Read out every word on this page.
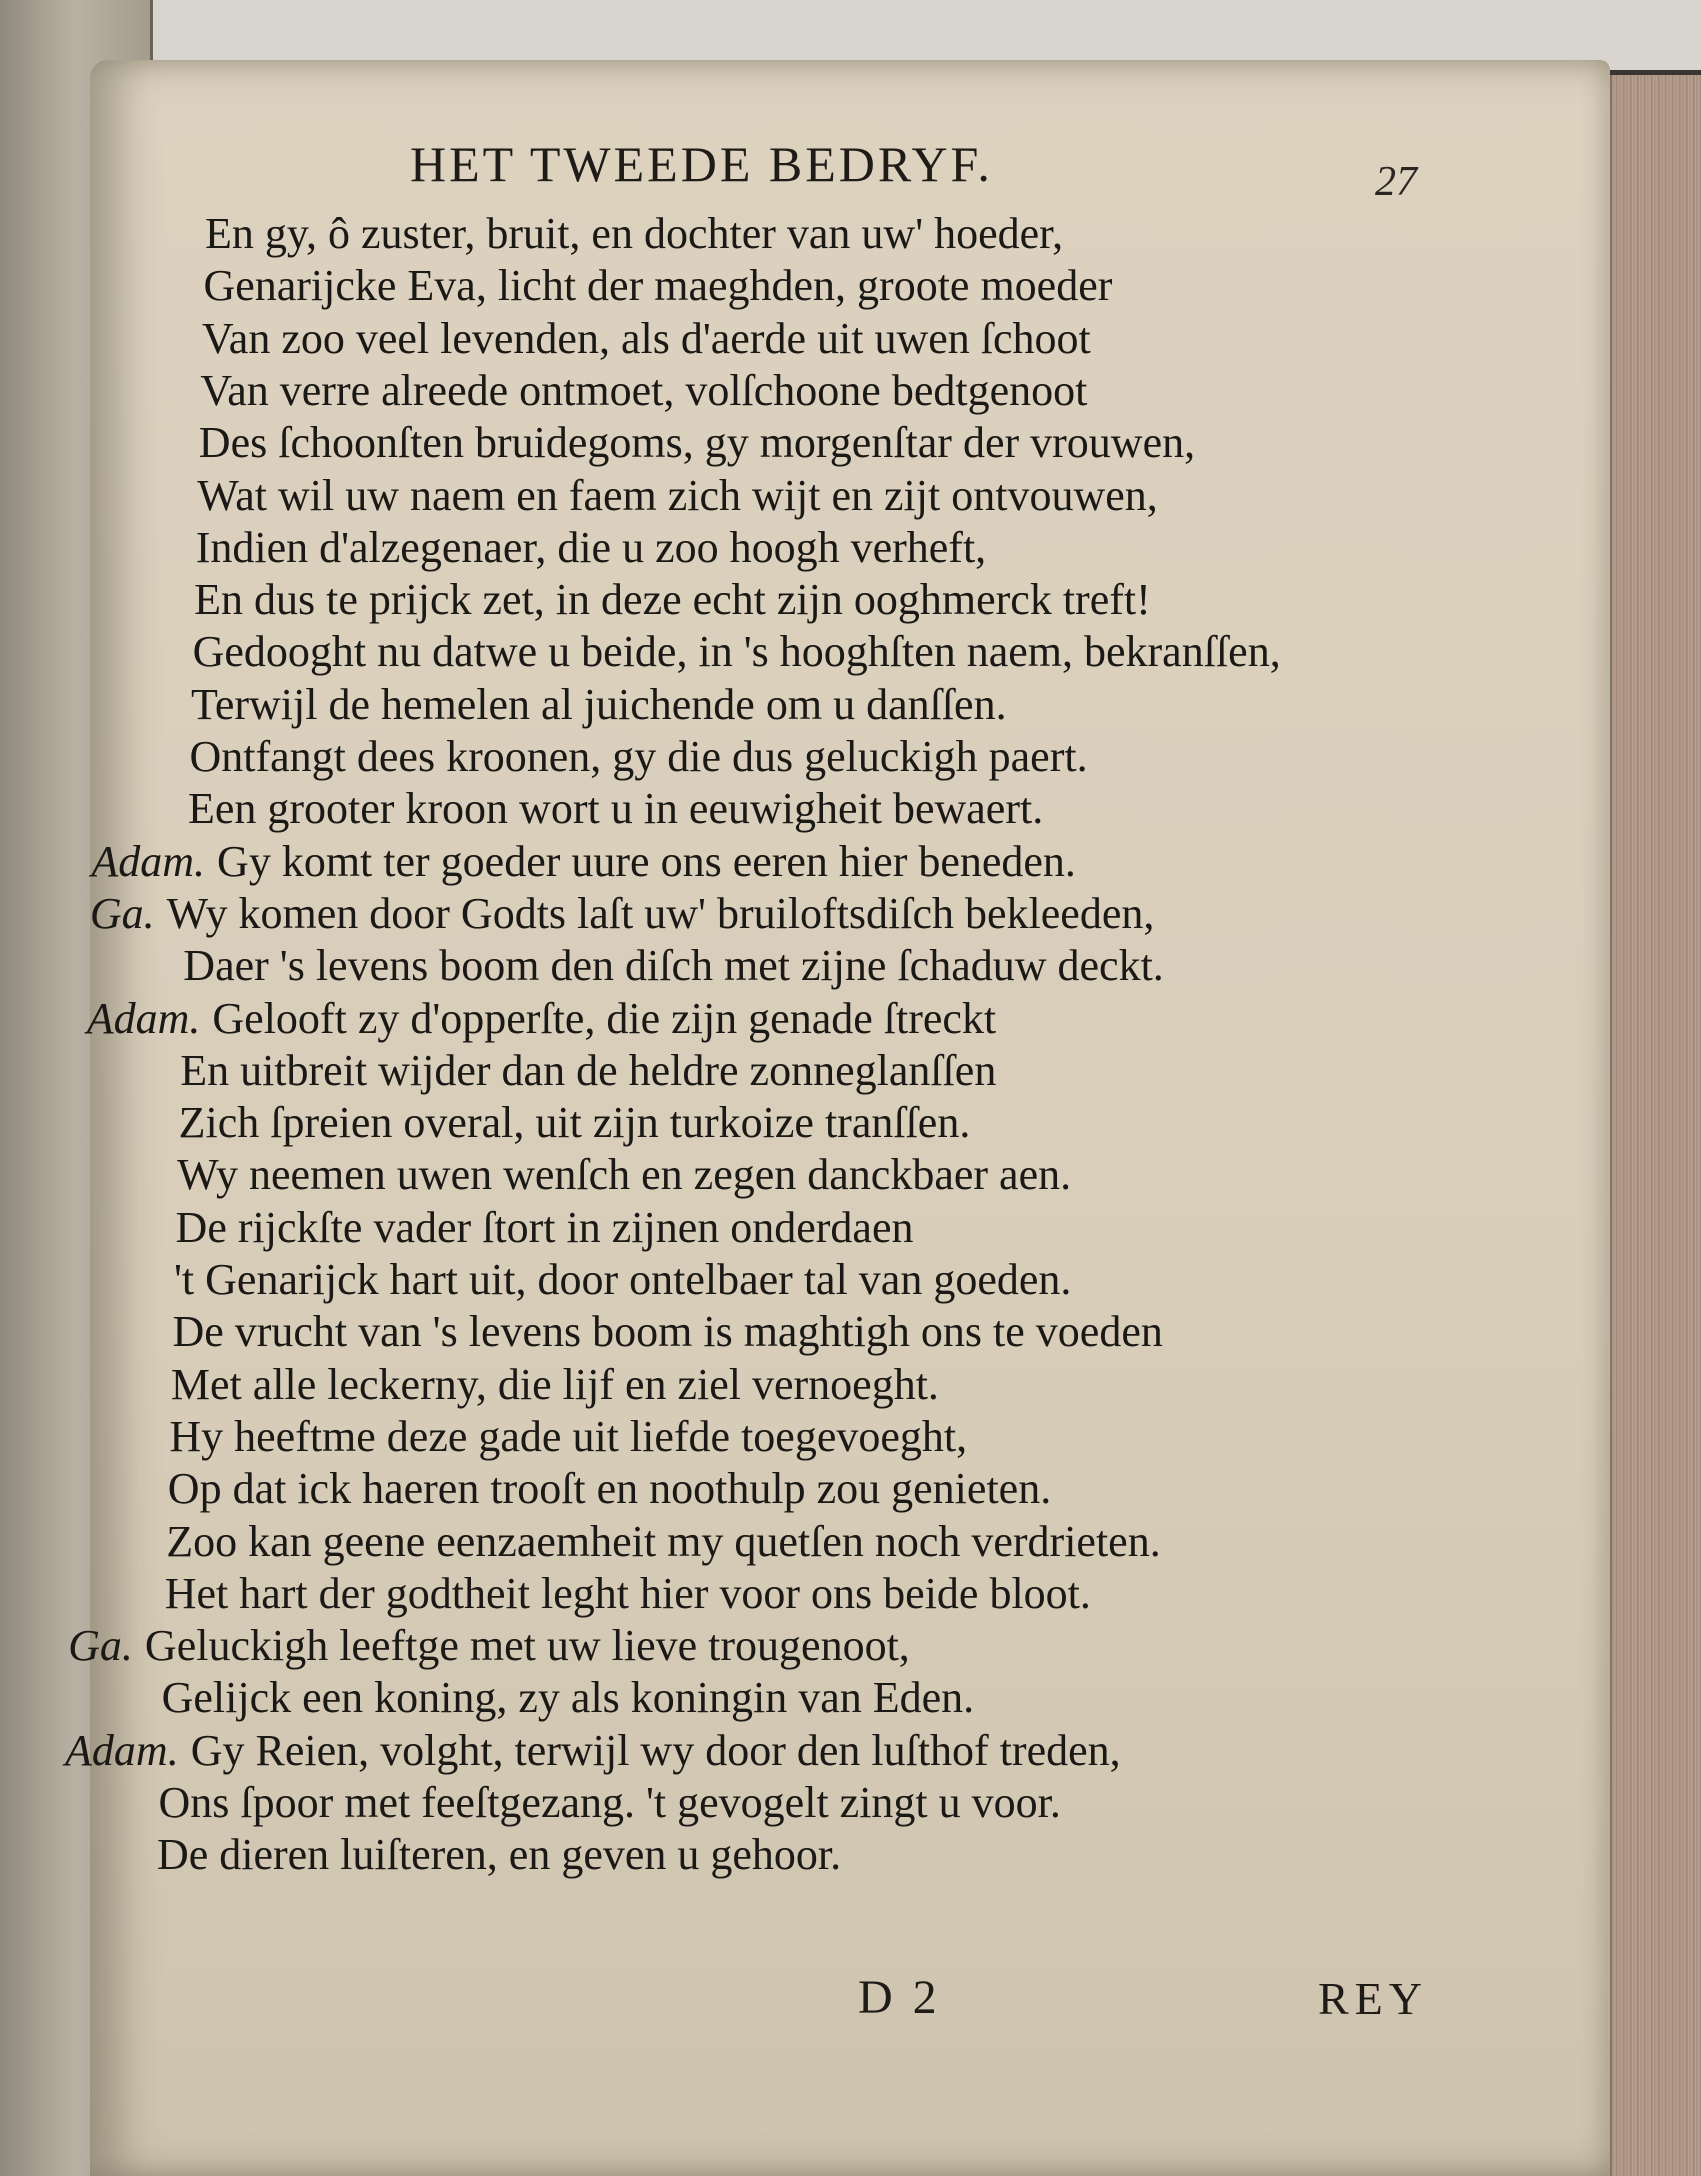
HET TWEEDE BEDRYF.	27
En gy, ô zuster, bruit, en dochter van uw' hoeder,
Genarijcke Eva, licht der maeghden, groote moeder
Van zoo veel levenden, als d'aerde uit uwen ſchoot
Van verre alreede ontmoet, volſchoone bedtgenoot
Des ſchoonſten bruidegoms, gy morgenſtar der vrouwen,
Wat wil uw naem en faem zich wijt en zijt ontvouwen,
Indien d'alzegenaer, die u zoo hoogh verheft,
En dus te prijck zet, in deze echt zijn ooghmerck treft!
Gedooght nu datwe u beide, in 's hooghſten naem, bekranſſen,
Terwijl de hemelen al juichende om u danſſen.
Ontfangt dees kroonen, gy die dus geluckigh paert.
Een grooter kroon wort u in eeuwigheit bewaert.
Adam. Gy komt ter goeder uure ons eeren hier beneden.
Ga. Wy komen door Godts laſt uw' bruiloftsdiſch bekleeden,
Daer 's levens boom den diſch met zijne ſchaduw deckt.
Adam. Gelooft zy d'opperſte, die zijn genade ſtreckt
En uitbreit wijder dan de heldre zonneglanſſen
Zich ſpreien overal, uit zijn turkoize tranſſen.
Wy neemen uwen wenſch en zegen danckbaer aen.
De rijckſte vader ſtort in zijnen onderdaen
't Genarijck hart uit, door ontelbaer tal van goeden.
De vrucht van 's levens boom is maghtigh ons te voeden
Met alle leckerny, die lijf en ziel vernoeght.
Hy heeftme deze gade uit liefde toegevoeght,
Op dat ick haeren trooſt en noothulp zou genieten.
Zoo kan geene eenzaemheit my quetſen noch verdrieten.
Het hart der godtheit leght hier voor ons beide bloot.
Ga. Geluckigh leeftge met uw lieve trougenoot,
Gelijck een koning, zy als koningin van Eden.
Adam. Gy Reien, volght, terwijl wy door den luſthof treden,
Ons ſpoor met feeſtgezang. 't gevogelt zingt u voor.
De dieren luiſteren, en geven u gehoor.
D 2	REY
